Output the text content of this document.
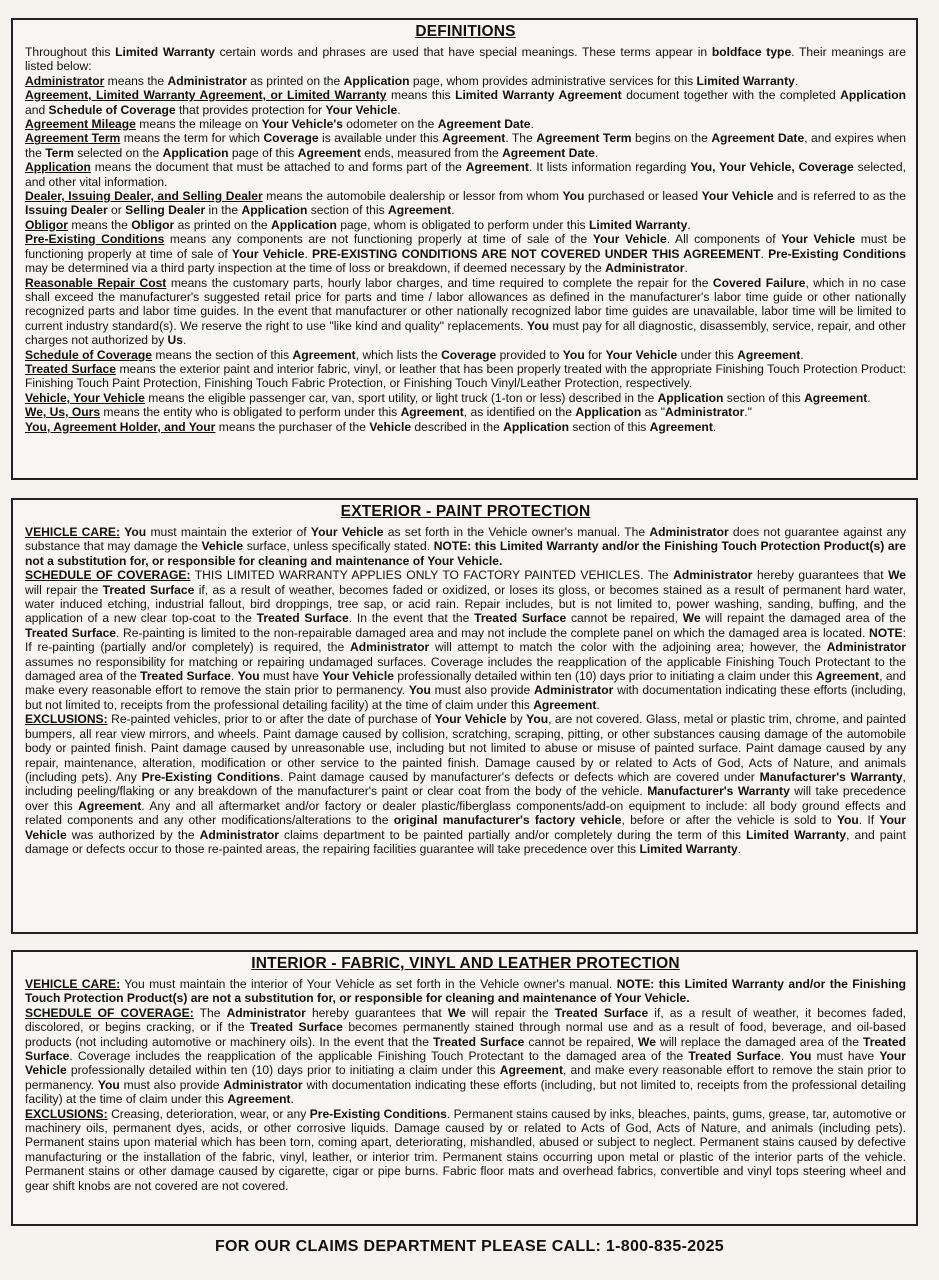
DEFINITIONS

Throughout this Limited Warranty certain words and phrases are used that have special meanings. These terms appear in boldface type. Their meanings are listed below:

Administrator means the Administrator as printed on the Application page, whom provides administrative services for this Limited Warranty.

Agreement, Limited Warranty Agreement, or Limited Warranty means this Limited Warranty Agreement document together with the completed Application and Schedule of Coverage that provides protection for Your Vehicle.

Agreement Mileage means the mileage on Your Vehicle's odometer on the Agreement Date.

Agreement Term means the term for which Coverage is available under this Agreement. The Agreement Term begins on the Agreement Date, and expires when the Term selected on the Application page of this Agreement ends, measured from the Agreement Date.

Application means the document that must be attached to and forms part of the Agreement. It lists information regarding You, Your Vehicle, Coverage selected, and other vital information.

Dealer, Issuing Dealer, and Selling Dealer means the automobile dealership or lessor from whom You purchased or leased Your Vehicle and is referred to as the Issuing Dealer or Selling Dealer in the Application section of this Agreement.

Obligor means the Obligor as printed on the Application page, whom is obligated to perform under this Limited Warranty.

Pre-Existing Conditions means any components are not functioning properly at time of sale of the Your Vehicle. All components of Your Vehicle must be functioning properly at time of sale of Your Vehicle. PRE-EXISTING CONDITIONS ARE NOT COVERED UNDER THIS AGREEMENT. Pre-Existing Conditions may be determined via a third party inspection at the time of loss or breakdown, if deemed necessary by the Administrator.

Reasonable Repair Cost means the customary parts, hourly labor charges, and time required to complete the repair for the Covered Failure, which in no case shall exceed the manufacturer's suggested retail price for parts and time / labor allowances as defined in the manufacturer's labor time guide or other nationally recognized parts and labor time guides. In the event that manufacturer or other nationally recognized labor time guides are unavailable, labor time will be limited to current industry standard(s). We reserve the right to use "like kind and quality" replacements. You must pay for all diagnostic, disassembly, service, repair, and other charges not authorized by Us.

Schedule of Coverage means the section of this Agreement, which lists the Coverage provided to You for Your Vehicle under this Agreement.

Treated Surface means the exterior paint and interior fabric, vinyl, or leather that has been properly treated with the appropriate Finishing Touch Protection Product: Finishing Touch Paint Protection, Finishing Touch Fabric Protection, or Finishing Touch Vinyl/Leather Protection, respectively.

Vehicle, Your Vehicle means the eligible passenger car, van, sport utility, or light truck (1-ton or less) described in the Application section of this Agreement.

We, Us, Ours means the entity who is obligated to perform under this Agreement, as identified on the Application as "Administrator."

You, Agreement Holder, and Your means the purchaser of the Vehicle described in the Application section of this Agreement.

EXTERIOR - PAINT PROTECTION

VEHICLE CARE: You must maintain the exterior of Your Vehicle as set forth in the Vehicle owner's manual. The Administrator does not guarantee against any substance that may damage the Vehicle surface, unless specifically stated. NOTE: this Limited Warranty and/or the Finishing Touch Protection Product(s) are not a substitution for, or responsible for cleaning and maintenance of Your Vehicle.

SCHEDULE OF COVERAGE: THIS LIMITED WARRANTY APPLIES ONLY TO FACTORY PAINTED VEHICLES. The Administrator hereby guarantees that We will repair the Treated Surface if, as a result of weather, becomes faded or oxidized, or loses its gloss, or becomes stained as a result of permanent hard water, water induced etching, industrial fallout, bird droppings, tree sap, or acid rain. Repair includes, but is not limited to, power washing, sanding, buffing, and the application of a new clear top-coat to the Treated Surface. In the event that the Treated Surface cannot be repaired, We will repaint the damaged area of the Treated Surface. Re-painting is limited to the non-repairable damaged area and may not include the complete panel on which the damaged area is located. NOTE: If re-painting (partially and/or completely) is required, the Administrator will attempt to match the color with the adjoining area; however, the Administrator assumes no responsibility for matching or repairing undamaged surfaces. Coverage includes the reapplication of the applicable Finishing Touch Protectant to the damaged area of the Treated Surface. You must have Your Vehicle professionally detailed within ten (10) days prior to initiating a claim under this Agreement, and make every reasonable effort to remove the stain prior to permanency. You must also provide Administrator with documentation indicating these efforts (including, but not limited to, receipts from the professional detailing facility) at the time of claim under this Agreement.

EXCLUSIONS: Re-painted vehicles, prior to or after the date of purchase of Your Vehicle by You, are not covered. Glass, metal or plastic trim, chrome, and painted bumpers, all rear view mirrors, and wheels. Paint damage caused by collision, scratching, scraping, pitting, or other substances causing damage of the automobile body or painted finish. Paint damage caused by unreasonable use, including but not limited to abuse or misuse of painted surface. Paint damage caused by any repair, maintenance, alteration, modification or other service to the painted finish. Damage caused by or related to Acts of God, Acts of Nature, and animals (including pets). Any Pre-Existing Conditions. Paint damage caused by manufacturer's defects or defects which are covered under Manufacturer's Warranty, including peeling/flaking or any breakdown of the manufacturer's paint or clear coat from the body of the vehicle. Manufacturer's Warranty will take precedence over this Agreement. Any and all aftermarket and/or factory or dealer plastic/fiberglass components/add-on equipment to include: all body ground effects and related components and any other modifications/alterations to the original manufacturer's factory vehicle, before or after the vehicle is sold to You. If Your Vehicle was authorized by the Administrator claims department to be painted partially and/or completely during the term of this Limited Warranty, and paint damage or defects occur to those re-painted areas, the repairing facilities guarantee will take precedence over this Limited Warranty.

INTERIOR - FABRIC, VINYL AND LEATHER PROTECTION

VEHICLE CARE: You must maintain the interior of Your Vehicle as set forth in the Vehicle owner's manual. NOTE: this Limited Warranty and/or the Finishing Touch Protection Product(s) are not a substitution for, or responsible for cleaning and maintenance of Your Vehicle.

SCHEDULE OF COVERAGE: The Administrator hereby guarantees that We will repair the Treated Surface if, as a result of weather, it becomes faded, discolored, or begins cracking, or if the Treated Surface becomes permanently stained through normal use and as a result of food, beverage, and oil-based products (not including automotive or machinery oils). In the event that the Treated Surface cannot be repaired, We will replace the damaged area of the Treated Surface. Coverage includes the reapplication of the applicable Finishing Touch Protectant to the damaged area of the Treated Surface. You must have Your Vehicle professionally detailed within ten (10) days prior to initiating a claim under this Agreement, and make every reasonable effort to remove the stain prior to permanency. You must also provide Administrator with documentation indicating these efforts (including, but not limited to, receipts from the professional detailing facility) at the time of claim under this Agreement.

EXCLUSIONS: Creasing, deterioration, wear, or any Pre-Existing Conditions. Permanent stains caused by inks, bleaches, paints, gums, grease, tar, automotive or machinery oils, permanent dyes, acids, or other corrosive liquids. Damage caused by or related to Acts of God, Acts of Nature, and animals (including pets). Permanent stains upon material which has been torn, coming apart, deteriorating, mishandled, abused or subject to neglect. Permanent stains caused by defective manufacturing or the installation of the fabric, vinyl, leather, or interior trim. Permanent stains occurring upon metal or plastic of the interior parts of the vehicle. Permanent stains or other damage caused by cigarette, cigar or pipe burns. Fabric floor mats and overhead fabrics, convertible and vinyl tops steering wheel and gear shift knobs are not covered are not covered.

FOR OUR CLAIMS DEPARTMENT PLEASE CALL: 1-800-835-2025
